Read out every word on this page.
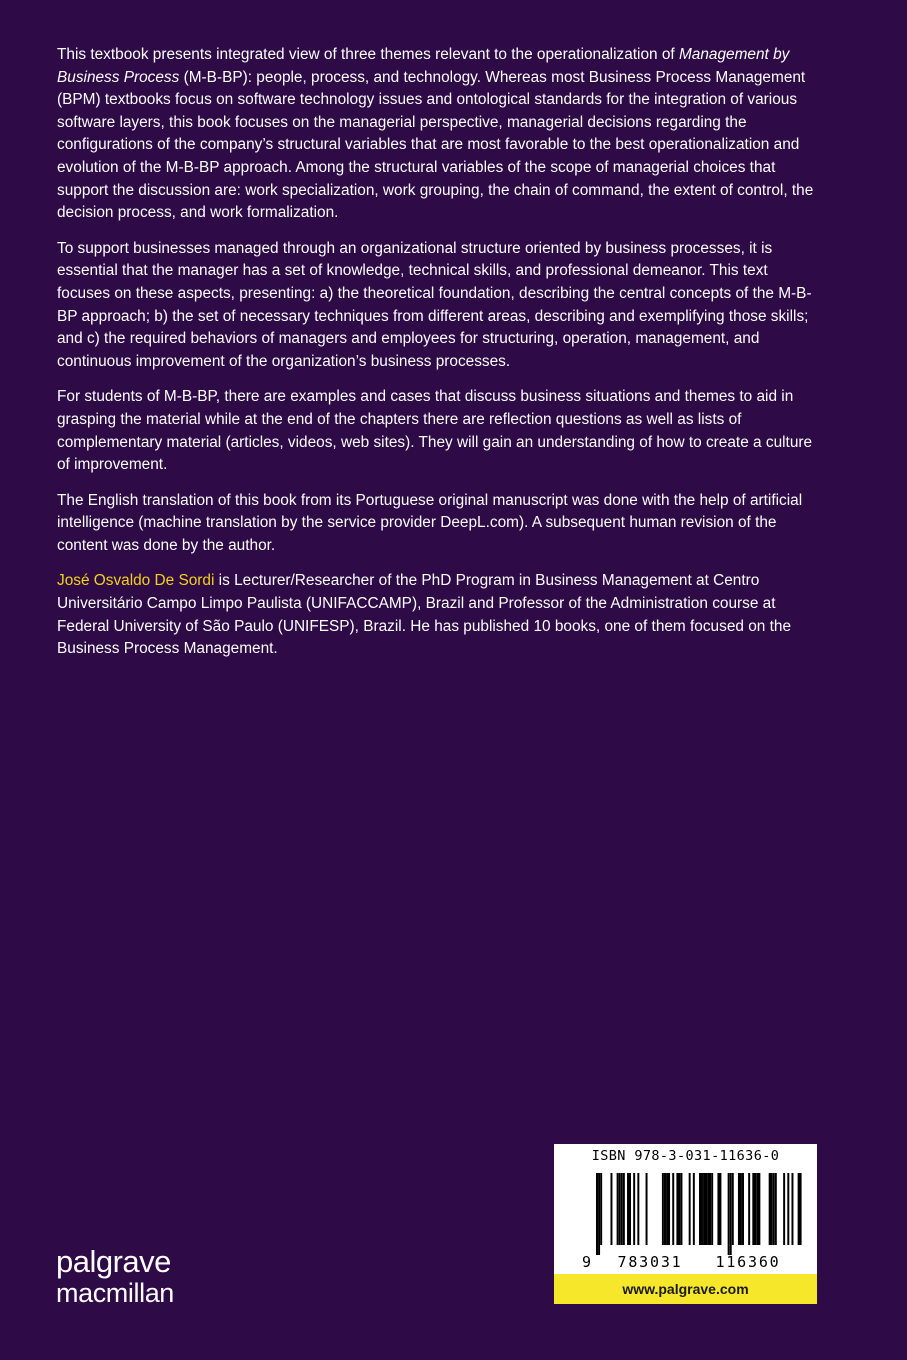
This textbook presents integrated view of three themes relevant to the operationalization of Management by Business Process (M-B-BP): people, process, and technology. Whereas most Business Process Management (BPM) textbooks focus on software technology issues and ontological standards for the integration of various software layers, this book focuses on the managerial perspective, managerial decisions regarding the configurations of the company’s structural variables that are most favorable to the best operationalization and evolution of the M-B-BP approach. Among the structural variables of the scope of managerial choices that support the discussion are: work specialization, work grouping, the chain of command, the extent of control, the decision process, and work formalization.

To support businesses managed through an organizational structure oriented by business processes, it is essential that the manager has a set of knowledge, technical skills, and professional demeanor. This text focuses on these aspects, presenting: a) the theoretical foundation, describing the central concepts of the M-B-BP approach; b) the set of necessary techniques from different areas, describing and exemplifying those skills; and c) the required behaviors of managers and employees for structuring, operation, management, and continuous improvement of the organization’s business processes.

For students of M-B-BP, there are examples and cases that discuss business situations and themes to aid in grasping the material while at the end of the chapters there are reflection questions as well as lists of complementary material (articles, videos, web sites). They will gain an understanding of how to create a culture of improvement.

The English translation of this book from its Portuguese original manuscript was done with the help of artificial intelligence (machine translation by the service provider DeepL.com). A subsequent human revision of the content was done by the author.

José Osvaldo De Sordi is Lecturer/Researcher of the PhD Program in Business Management at Centro Universitário Campo Limpo Paulista (UNIFACCAMP), Brazil and Professor of the Administration course at Federal University of São Paulo (UNIFESP), Brazil. He has published 10 books, one of them focused on the Business Process Management.

palgrave
macmillan
ISBN 978-3-031-11636-0
9 783031 116360
www.palgrave.com
